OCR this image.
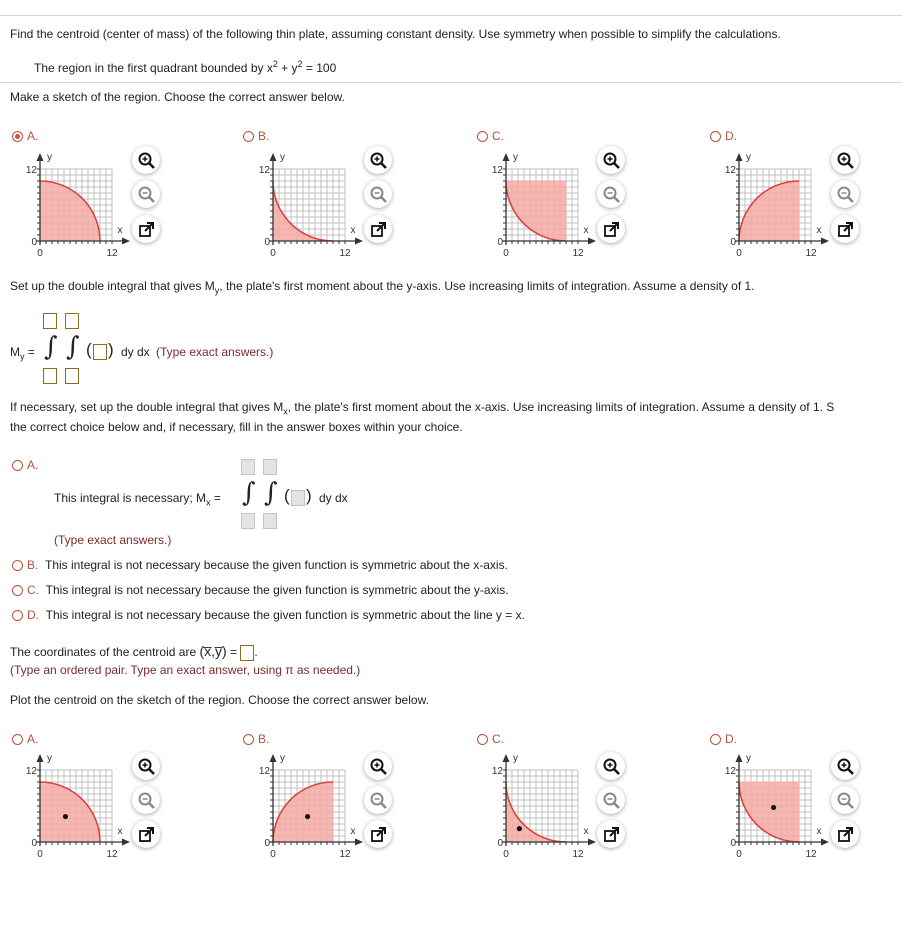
Find the centroid (center of mass) of the following thin plate, assuming constant density. Use symmetry when possible to simplify the calculations.
The region in the first quadrant bounded by $x^2 + y^2 = 100$
Make a sketch of the region. Choose the correct answer below.
Set up the double integral that gives $M_y$, the plate's first moment about the y-axis. Use increasing limits of integration. Assume a density of 1.
$M_y$ = ∫ ∫ ( ) dy dx (Type exact answers.)
If necessary, set up the double integral that gives $M_x$, the plate's first moment about the x-axis. Use increasing limits of integration. Assume a density of 1. S
the correct choice below and, if necessary, fill in the answer boxes within your choice.
A.
This integral is necessary; $M_x$ = ∫ ∫ ( ) dy dx
(Type exact answers.)
B. This integral is not necessary because the given function is symmetric about the x-axis.
C. This integral is not necessary because the given function is symmetric about the y-axis.
D. This integral is not necessary because the given function is symmetric about the line y = x.
The coordinates of the centroid are (x̅,y̅) = .
(Type an ordered pair. Type an exact answer, using π as needed.)
Plot the centroid on the sketch of the region. Choose the correct answer below.
A.
12
0
0	12
x
y
B.
12
0
0	12
x
y
C.
12
0
0	12
x
y
D.
12
0
0	12
x
y
A.
12
0
0	12
x
y
B.
12
0
0	12
x
y
C.
12
0
0	12
x
y
D.
12
0
0	12
x
y
